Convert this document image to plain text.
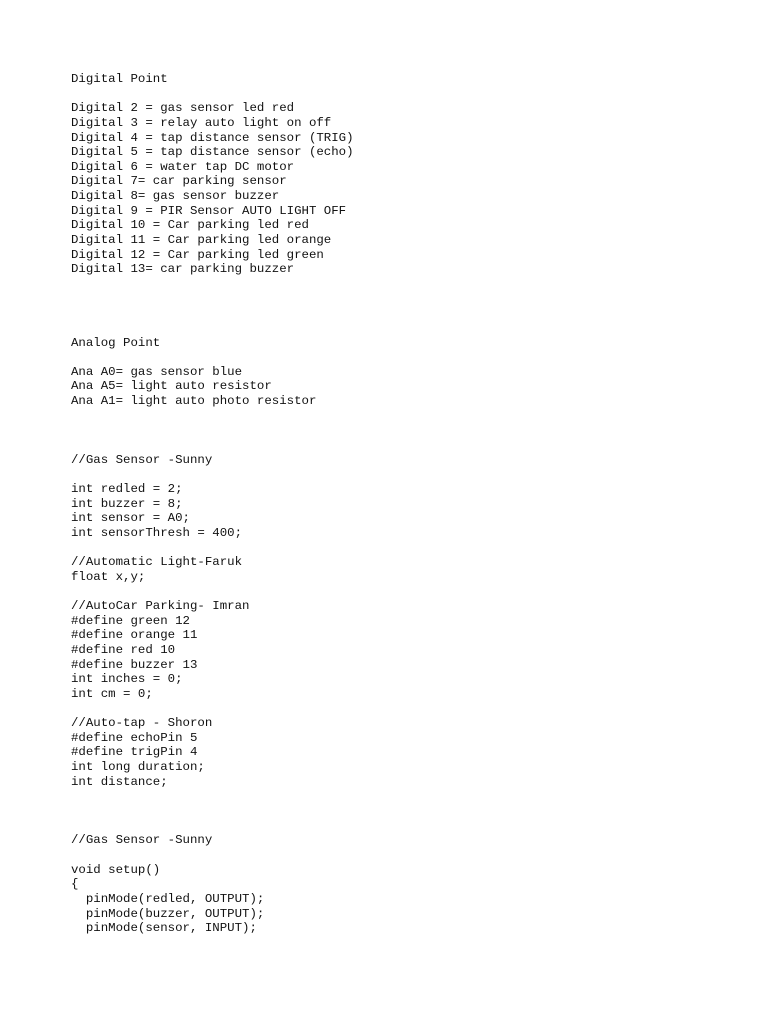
Digital Point
Digital 2 = gas sensor led red
Digital 3 = relay auto light on off
Digital 4 = tap distance sensor (TRIG)
Digital 5 = tap distance sensor (echo)
Digital 6 = water tap DC motor
Digital 7= car parking sensor
Digital 8= gas sensor buzzer
Digital 9 = PIR Sensor AUTO LIGHT OFF
Digital 10 = Car parking led red
Digital 11 = Car parking led orange
Digital 12 = Car parking led green
Digital 13= car parking buzzer
Analog Point
Ana A0= gas sensor blue
Ana A5= light auto resistor
Ana A1= light auto photo resistor
//Gas Sensor -Sunny
int redled = 2;
int buzzer = 8;
int sensor = A0;
int sensorThresh = 400;
//Automatic Light-Faruk
float x,y;
//AutoCar Parking- Imran
#define green 12
#define orange 11
#define red 10
#define buzzer 13
int inches = 0;
int cm = 0;
//Auto-tap - Shoron
#define echoPin 5
#define trigPin 4
int long duration;
int distance;
//Gas Sensor -Sunny
void setup()
{
pinMode(redled, OUTPUT);
pinMode(buzzer, OUTPUT);
pinMode(sensor, INPUT);
